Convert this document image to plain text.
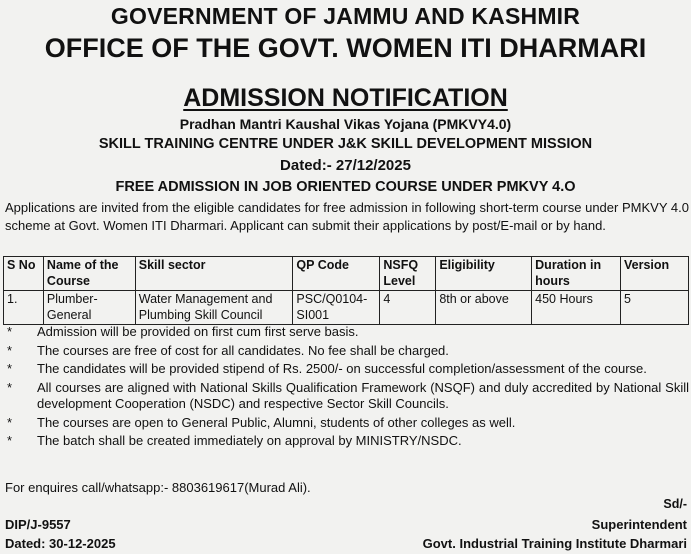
GOVERNMENT OF JAMMU AND KASHMIR
OFFICE OF THE GOVT. WOMEN ITI DHARMARI
ADMISSION NOTIFICATION
Pradhan Mantri Kaushal Vikas Yojana (PMKVY4.0)
SKILL TRAINING CENTRE UNDER J&K SKILL DEVELOPMENT MISSION
Dated:- 27/12/2025
FREE ADMISSION IN JOB ORIENTED COURSE UNDER PMKVY 4.O

Applications are invited from the eligible candidates for free admission in following short-term course under PMKVY 4.0 scheme at Govt. Women ITI Dharmari. Applicant can submit their applications by post/E-mail or by hand.

S No	Name of the Course	Skill sector	QP Code	NSFQ Level	Eligibility	Duration in hours	Version
1.	Plumber-General	Water Management and Plumbing Skill Council	PSC/Q0104-SI001	4	8th or above	450 Hours	5
* Admission will be provided on first cum first serve basis.
* The courses are free of cost for all candidates. No fee shall be charged.
* The candidates will be provided stipend of Rs. 2500/- on successful completion/assessment of the course.
* All courses are aligned with National Skills Qualification Framework (NSQF) and duly accredited by National Skill development Cooperation (NSDC) and respective Sector Skill Councils.
* The courses are open to General Public, Alumni, students of other colleges as well.
* The batch shall be created immediately on approval by MINISTRY/NSDC.
For enquires call/whatsapp:- 8803619617(Murad Ali).
Sd/-
DIP/J-9557	Superintendent
Dated: 30-12-2025	Govt. Industrial Training Institute Dharmari
